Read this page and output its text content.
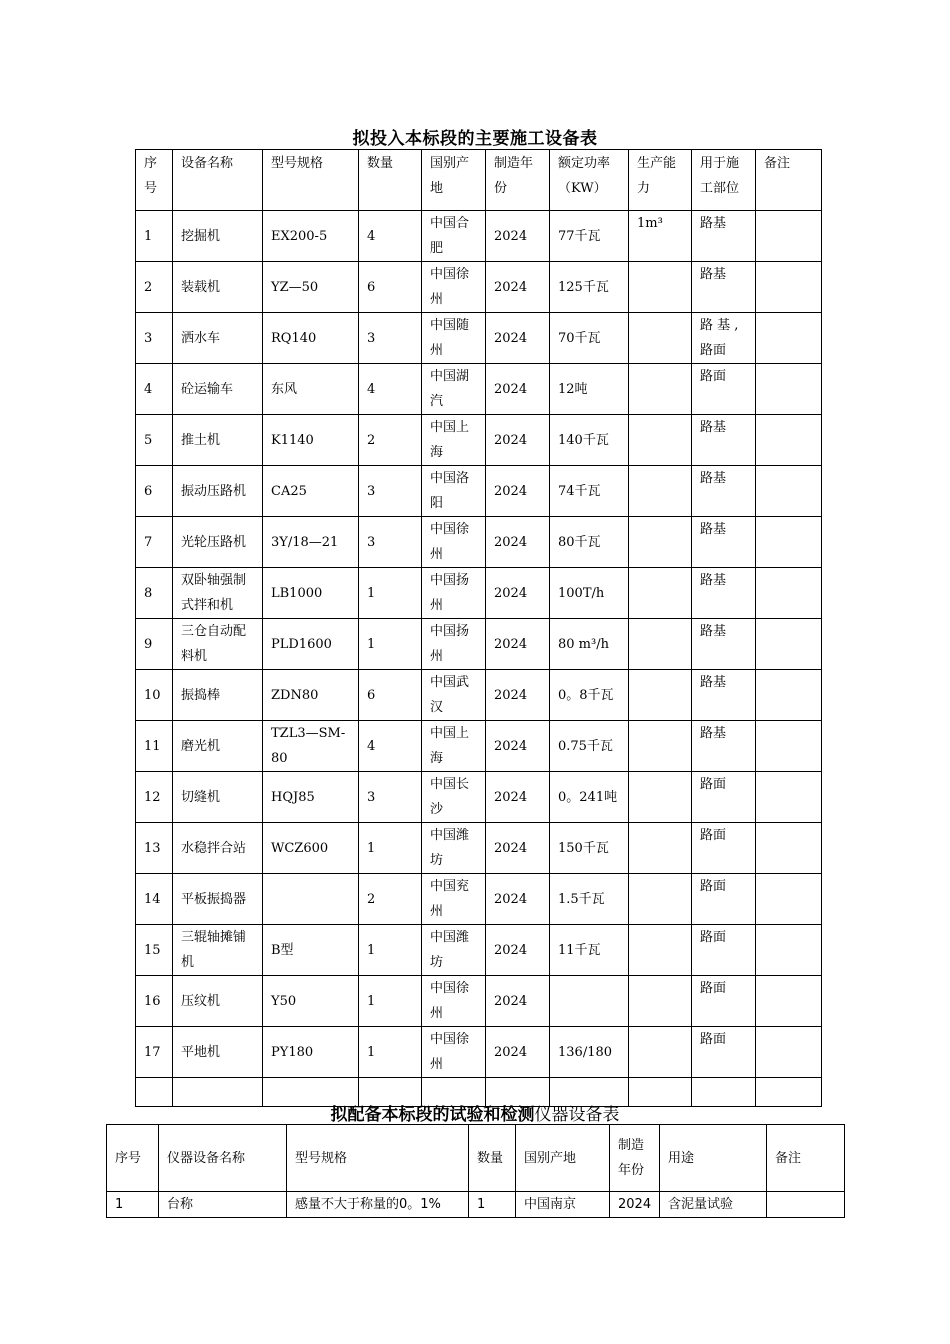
拟投入本标段的主要施工设备表
序号	设备名称	型号规格	数量	国别产地	制造年份	额定功率（KW）	生产能力	用于施工部位	备注
1	挖掘机	EX200-5	4	中国合肥	2024	77千瓦	1m³	路基	
2	装载机	YZ—50	6	中国徐州	2024	125千瓦		路基	
3	洒水车	RQ140	3	中国随州	2024	70千瓦		路 基 ,路面	
4	砼运输车	东风	4	中国湖汽	2024	12吨		路面	
5	推土机	K1140	2	中国上海	2024	140千瓦		路基	
6	振动压路机	CA25	3	中国洛阳	2024	74千瓦		路基	
7	光轮压路机	3Y/18—21	3	中国徐州	2024	80千瓦		路基	
8	双卧轴强制式拌和机	LB1000	1	中国扬州	2024	100T/h		路基	
9	三仓自动配料机	PLD1600	1	中国扬州	2024	80 m³/h		路基	
10	振捣棒	ZDN80	6	中国武汉	2024	0。8千瓦		路基	
11	磨光机	TZL3—SM-80	4	中国上海	2024	0.75千瓦		路基	
12	切缝机	HQJ85	3	中国长沙	2024	0。241吨		路面	
13	水稳拌合站	WCZ600	1	中国潍坊	2024	150千瓦		路面	
14	平板振捣器		2	中国兖州	2024	1.5千瓦		路面	
15	三辊轴摊铺机	B型	1	中国潍坊	2024	11千瓦		路面	
16	压纹机	Y50	1	中国徐州	2024			路面	
17	平地机	PY180	1	中国徐州	2024	136/180		路面	

拟配备本标段的试验和检测仪器设备表
序号	仪器设备名称	型号规格	数量	国别产地	制造年份	用途	备注
1	台称	感量不大于称量的0。1%	1	中国南京	2024	含泥量试验	
